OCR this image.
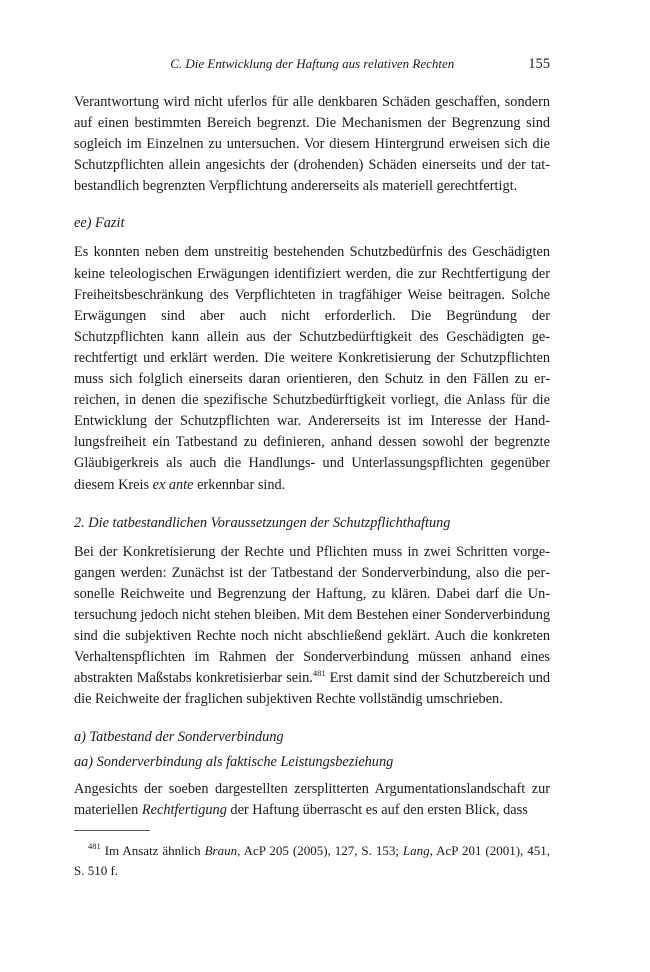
C. Die Entwicklung der Haftung aus relativen Rechten	155

Verantwortung wird nicht uferlos für alle denkbaren Schäden geschaffen, sondern auf einen bestimmten Bereich begrenzt. Die Mechanismen der Begrenzung sind sogleich im Einzelnen zu untersuchen. Vor diesem Hintergrund erweisen sich die Schutzpflichten allein angesichts der (drohenden) Schäden einerseits und der tatbestandlich begrenzten Verpflichtung andererseits als materiell gerechtfertigt.

ee) Fazit

Es konnten neben dem unstreitig bestehenden Schutzbedürfnis des Geschädigten keine teleologischen Erwägungen identifiziert werden, die zur Rechtfertigung der Freiheitsbeschränkung des Verpflichteten in tragfähiger Weise beitragen. Solche Erwägungen sind aber auch nicht erforderlich. Die Begründung der Schutzpflichten kann allein aus der Schutzbedürftigkeit des Geschädigten gerechtfertigt und erklärt werden. Die weitere Konkretisierung der Schutzpflichten muss sich folglich einerseits daran orientieren, den Schutz in den Fällen zu erreichen, in denen die spezifische Schutzbedürftigkeit vorliegt, die Anlass für die Entwicklung der Schutzpflichten war. Andererseits ist im Interesse der Handlungsfreiheit ein Tatbestand zu definieren, anhand dessen sowohl der begrenzte Gläubigerkreis als auch die Handlungs- und Unterlassungspflichten gegenüber diesem Kreis ex ante erkennbar sind.

2. Die tatbestandlichen Voraussetzungen der Schutzpflichthaftung

Bei der Konkretisierung der Rechte und Pflichten muss in zwei Schritten vorgegangen werden: Zunächst ist der Tatbestand der Sonderverbindung, also die personelle Reichweite und Begrenzung der Haftung, zu klären. Dabei darf die Untersuchung jedoch nicht stehen bleiben. Mit dem Bestehen einer Sonderverbindung sind die subjektiven Rechte noch nicht abschließend geklärt. Auch die konkreten Verhaltenspflichten im Rahmen der Sonderverbindung müssen anhand eines abstrakten Maßstabs konkretisierbar sein.$^{481}$ Erst damit sind der Schutzbereich und die Reichweite der fraglichen subjektiven Rechte vollständig umschrieben.

a) Tatbestand der Sonderverbindung
aa) Sonderverbindung als faktische Leistungsbeziehung

Angesichts der soeben dargestellten zersplitterten Argumentationslandschaft zur materiellen Rechtfertigung der Haftung überrascht es auf den ersten Blick, dass

$^{481}$ Im Ansatz ähnlich Braun, AcP 205 (2005), 127, S. 153; Lang, AcP 201 (2001), 451, S. 510 f.
